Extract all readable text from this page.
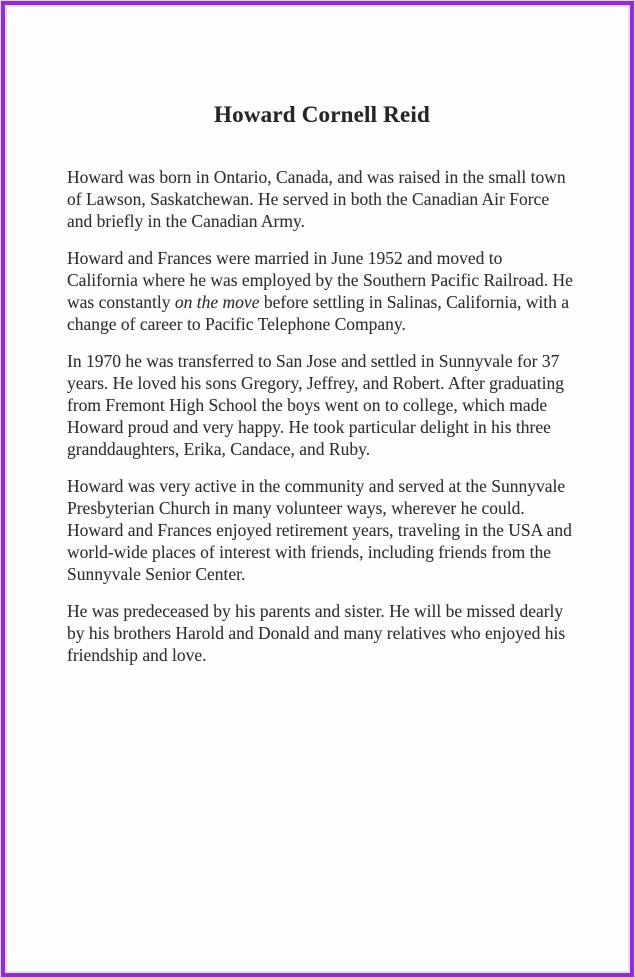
Howard Cornell Reid

Howard was born in Ontario, Canada, and was raised in the small town of Lawson, Saskatchewan. He served in both the Canadian Air Force and briefly in the Canadian Army.

Howard and Frances were married in June 1952 and moved to California where he was employed by the Southern Pacific Railroad. He was constantly on the move before settling in Salinas, California, with a change of career to Pacific Telephone Company.

In 1970 he was transferred to San Jose and settled in Sunnyvale for 37 years. He loved his sons Gregory, Jeffrey, and Robert. After graduating from Fremont High School the boys went on to college, which made Howard proud and very happy. He took particular delight in his three granddaughters, Erika, Candace, and Ruby.

Howard was very active in the community and served at the Sunnyvale Presbyterian Church in many volunteer ways, wherever he could.  Howard and Frances enjoyed retirement years, traveling in the USA and world-wide places of interest with friends, including friends from the Sunnyvale Senior Center.

He was predeceased by his parents and sister. He will be missed dearly by his brothers Harold and Donald and many relatives who enjoyed his friendship and love.
